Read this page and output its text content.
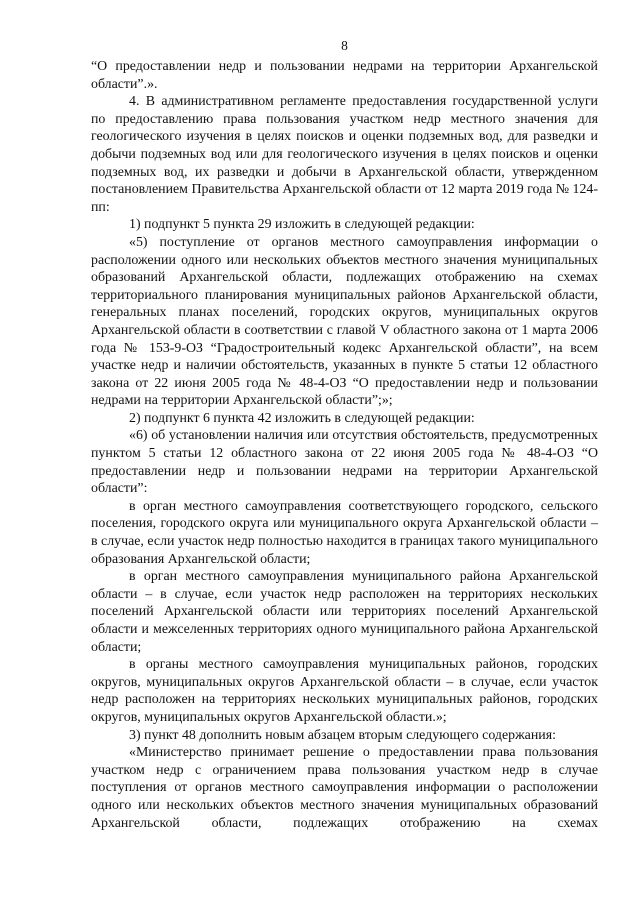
8

“О предоставлении недр и пользовании недрами на территории Архангельской области”.».

4. В административном регламенте предоставления государственной услуги по предоставлению права пользования участком недр местного значения для геологического изучения в целях поисков и оценки подземных вод, для разведки и добычи подземных вод или для геологического изучения в целях поисков и оценки подземных вод, их разведки и добычи в Архангельской области, утвержденном постановлением Правительства Архангельской области от 12 марта 2019 года № 124-пп:

1) подпункт 5 пункта 29 изложить в следующей редакции:

«5) поступление от органов местного самоуправления информации о расположении одного или нескольких объектов местного значения муниципальных образований Архангельской области, подлежащих отображению на схемах территориального планирования муниципальных районов Архангельской области, генеральных планах поселений, городских округов, муниципальных округов Архангельской области в соответствии с главой V областного закона от 1 марта 2006 года № 153-9-ОЗ “Градостроительный кодекс Архангельской области”, на всем участке недр и наличии обстоятельств, указанных в пункте 5 статьи 12 областного закона от 22 июня 2005 года № 48-4-ОЗ “О предоставлении недр и пользовании недрами на территории Архангельской области”;»;

2) подпункт 6 пункта 42 изложить в следующей редакции:

«6) об установлении наличия или отсутствия обстоятельств, предусмотренных пунктом 5 статьи 12 областного закона от 22 июня 2005 года № 48-4-ОЗ “О предоставлении недр и пользовании недрами на территории Архангельской области”:

в орган местного самоуправления соответствующего городского, сельского поселения, городского округа или муниципального округа Архангельской области – в случае, если участок недр полностью находится в границах такого муниципального образования Архангельской области;

в орган местного самоуправления муниципального района Архангельской области – в случае, если участок недр расположен на территориях нескольких поселений Архангельской области или территориях поселений Архангельской области и межселенных территориях одного муниципального района Архангельской области;

в органы местного самоуправления муниципальных районов, городских округов, муниципальных округов Архангельской области – в случае, если участок недр расположен на территориях нескольких муниципальных районов, городских округов, муниципальных округов Архангельской области.»;

3) пункт 48 дополнить новым абзацем вторым следующего содержания:

«Министерство принимает решение о предоставлении права пользования участком недр с ограничением права пользования участком недр в случае поступления от органов местного самоуправления информации о расположении одного или нескольких объектов местного значения муниципальных образований Архангельской области, подлежащих отображению на схемах
